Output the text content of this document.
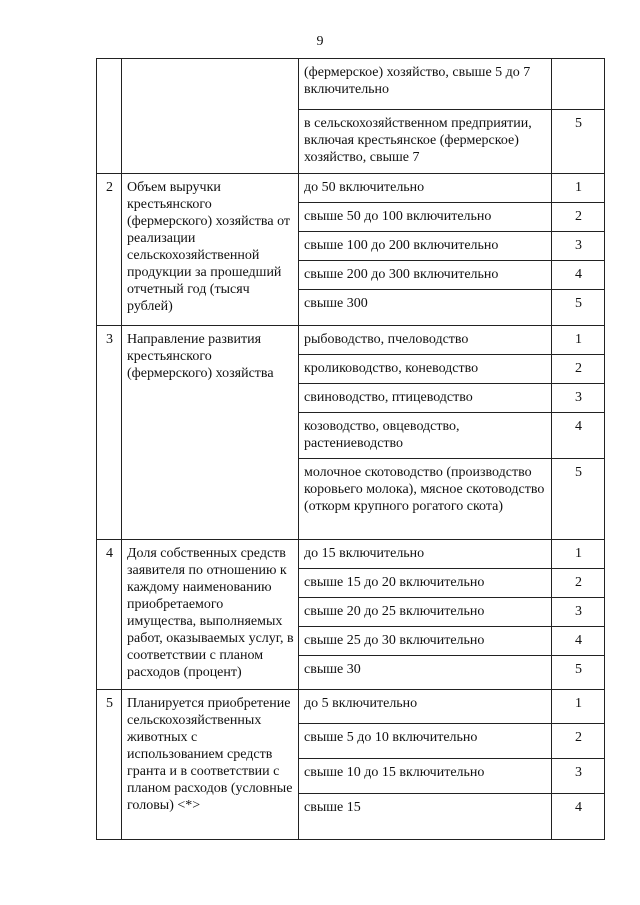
9
		(фермерское) хозяйство, свыше 5 до 7 включительно	
		в сельскохозяйственном предприятии, включая крестьянское (фермерское) хозяйство, свыше 7	5
2	Объем выручки крестьянского (фермерского) хозяйства от реализации сельскохозяйственной продукции за прошедший отчетный год (тысяч рублей)	до 50 включительно	1
		свыше 50 до 100 включительно	2
		свыше 100 до 200 включительно	3
		свыше 200 до 300 включительно	4
		свыше 300	5
3	Направление развития крестьянского (фермерского) хозяйства	рыбоводство, пчеловодство	1
		кролиководство, коневодство	2
		свиноводство, птицеводство	3
		козоводство, овцеводство, растениеводство	4
		молочное скотоводство (производство коровьего молока), мясное скотоводство (откорм крупного рогатого скота)	5
4	Доля собственных средств заявителя по отношению к каждому наименованию приобретаемого имущества, выполняемых работ, оказываемых услуг, в соответствии с планом расходов (процент)	до 15 включительно	1
		свыше 15 до 20 включительно	2
		свыше 20 до 25 включительно	3
		свыше 25 до 30 включительно	4
		свыше 30	5
5	Планируется приобретение сельскохозяйственных животных с использованием средств гранта и в соответствии с планом расходов (условные головы) <*>	до 5 включительно	1
		свыше 5 до 10 включительно	2
		свыше 10 до 15 включительно	3
		свыше 15	4
